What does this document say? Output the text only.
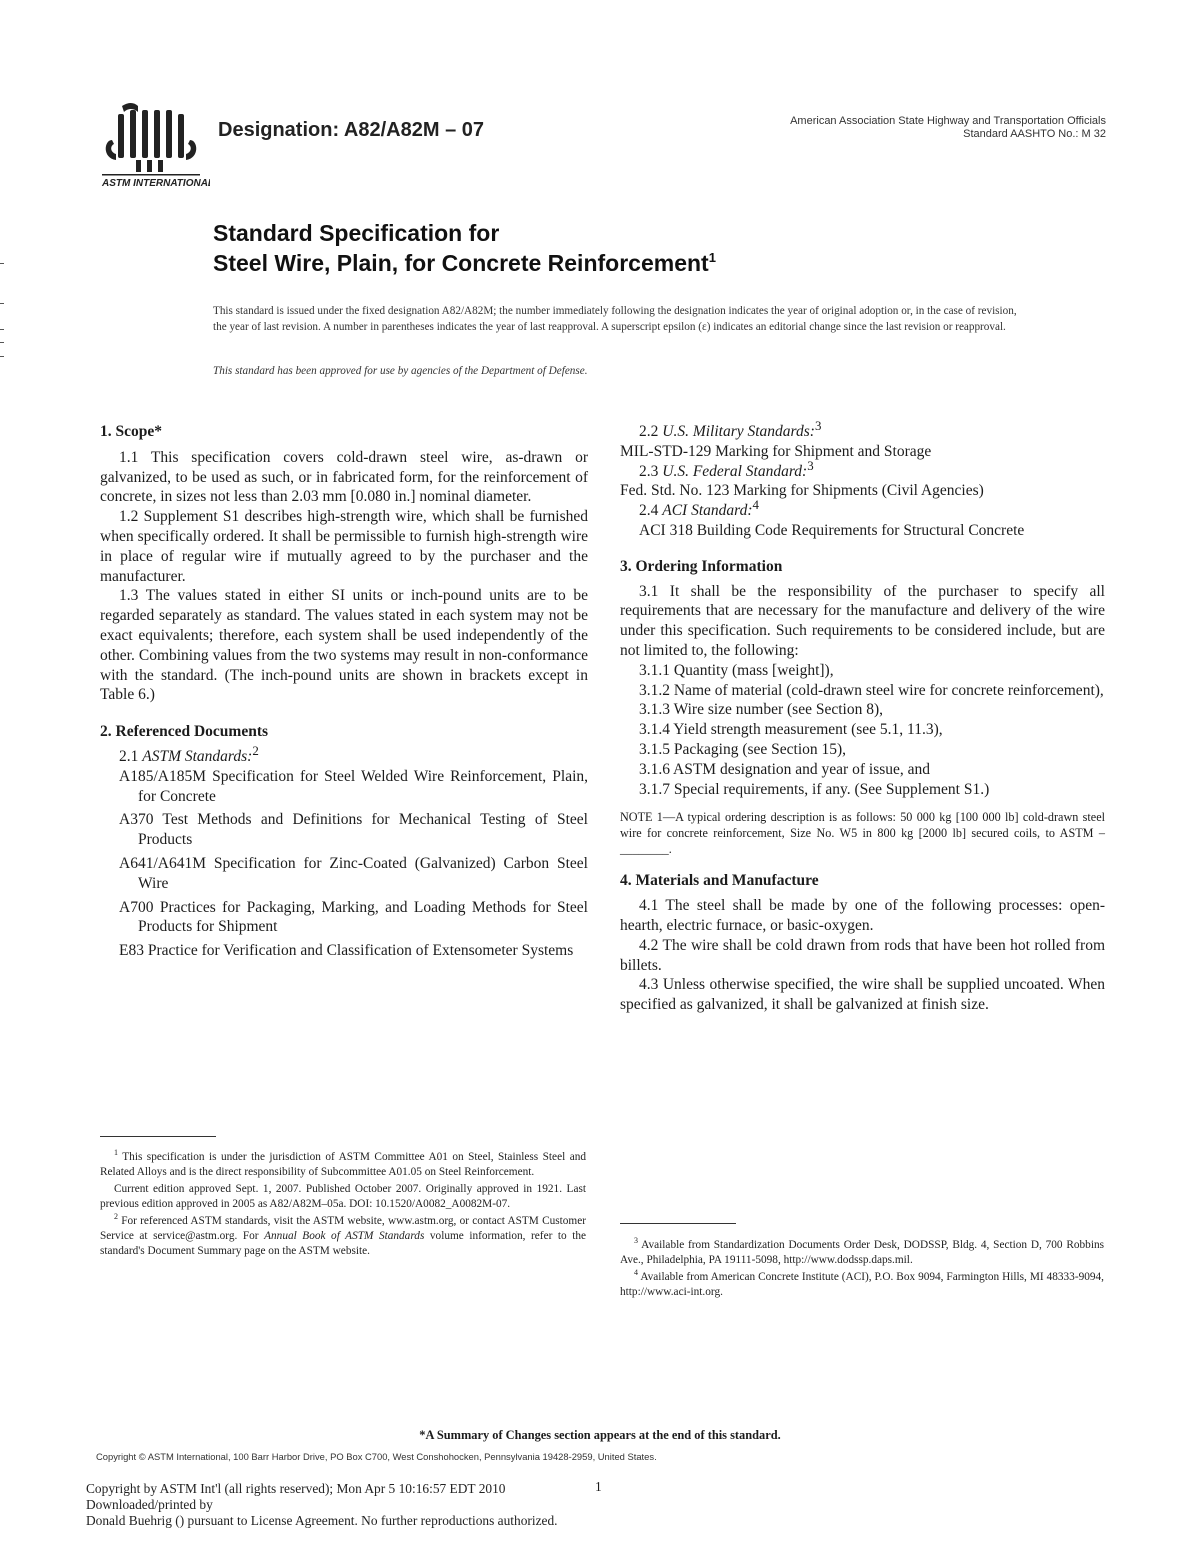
ASTM INTERNATIONAL
Designation: A82/A82M – 07	American Association State Highway and Transportation Officials
Standard AASHTO No.: M 32
Standard Specification for
Steel Wire, Plain, for Concrete Reinforcement$^1$
This standard is issued under the fixed designation A82/A82M; the number immediately following the designation indicates the year of original adoption or, in the case of revision, the year of last revision. A number in parentheses indicates the year of last reapproval. A superscript epsilon (ε) indicates an editorial change since the last revision or reapproval.
This standard has been approved for use by agencies of the Department of Defense.
1. Scope*

1.1 This specification covers cold-drawn steel wire, as-drawn or galvanized, to be used as such, or in fabricated form, for the reinforcement of concrete, in sizes not less than 2.03 mm [0.080 in.] nominal diameter.

1.2 Supplement S1 describes high-strength wire, which shall be furnished when specifically ordered. It shall be permissible to furnish high-strength wire in place of regular wire if mutually agreed to by the purchaser and the manufacturer.

1.3 The values stated in either SI units or inch-pound units are to be regarded separately as standard. The values stated in each system may not be exact equivalents; therefore, each system shall be used independently of the other. Combining values from the two systems may result in non-conformance with the standard. (The inch-pound units are shown in brackets except in Table 6.)

2. Referenced Documents

2.1 ASTM Standards:$^2$

A185/A185M Specification for Steel Welded Wire Reinforcement, Plain, for Concrete

A370 Test Methods and Definitions for Mechanical Testing of Steel Products

A641/A641M Specification for Zinc-Coated (Galvanized) Carbon Steel Wire

A700 Practices for Packaging, Marking, and Loading Methods for Steel Products for Shipment

E83 Practice for Verification and Classification of Extensometer Systems

$^1$ This specification is under the jurisdiction of ASTM Committee A01 on Steel, Stainless Steel and Related Alloys and is the direct responsibility of Subcommittee A01.05 on Steel Reinforcement.

Current edition approved Sept. 1, 2007. Published October 2007. Originally approved in 1921. Last previous edition approved in 2005 as A82/A82M–05a. DOI: 10.1520/A0082_A0082M-07.

$^2$ For referenced ASTM standards, visit the ASTM website, www.astm.org, or contact ASTM Customer Service at service@astm.org. For Annual Book of ASTM Standards volume information, refer to the standard's Document Summary page on the ASTM website.

2.2 U.S. Military Standards:$^3$

MIL-STD-129 Marking for Shipment and Storage

2.3 U.S. Federal Standard:$^3$

Fed. Std. No. 123 Marking for Shipments (Civil Agencies)

2.4 ACI Standard:$^4$

ACI 318 Building Code Requirements for Structural Concrete

3. Ordering Information

3.1 It shall be the responsibility of the purchaser to specify all requirements that are necessary for the manufacture and delivery of the wire under this specification. Such requirements to be considered include, but are not limited to, the following:

3.1.1 Quantity (mass [weight]),

3.1.2 Name of material (cold-drawn steel wire for concrete reinforcement),

3.1.3 Wire size number (see Section 8),

3.1.4 Yield strength measurement (see 5.1, 11.3),

3.1.5 Packaging (see Section 15),

3.1.6 ASTM designation and year of issue, and

3.1.7 Special requirements, if any. (See Supplement S1.)

NOTE 1—A typical ordering description is as follows: 50 000 kg [100 000 lb] cold-drawn steel wire for concrete reinforcement, Size No. W5 in 800 kg [2000 lb] secured coils, to ASTM – ________.

4. Materials and Manufacture

4.1 The steel shall be made by one of the following processes: open-hearth, electric furnace, or basic-oxygen.

4.2 The wire shall be cold drawn from rods that have been hot rolled from billets.

4.3 Unless otherwise specified, the wire shall be supplied uncoated. When specified as galvanized, it shall be galvanized at finish size.

$^3$ Available from Standardization Documents Order Desk, DODSSP, Bldg. 4, Section D, 700 Robbins Ave., Philadelphia, PA 19111-5098, http://www.dodssp.daps.mil.

$^4$ Available from American Concrete Institute (ACI), P.O. Box 9094, Farmington Hills, MI 48333-9094, http://www.aci-int.org.

*A Summary of Changes section appears at the end of this standard.
Copyright © ASTM International, 100 Barr Harbor Drive, PO Box C700, West Conshohocken, Pennsylvania 19428-2959, United States.
Copyright by ASTM Int'l (all rights reserved); Mon Apr 5 10:16:57 EDT 2010
Downloaded/printed by
Donald Buehrig () pursuant to License Agreement. No further reproductions authorized.
1
